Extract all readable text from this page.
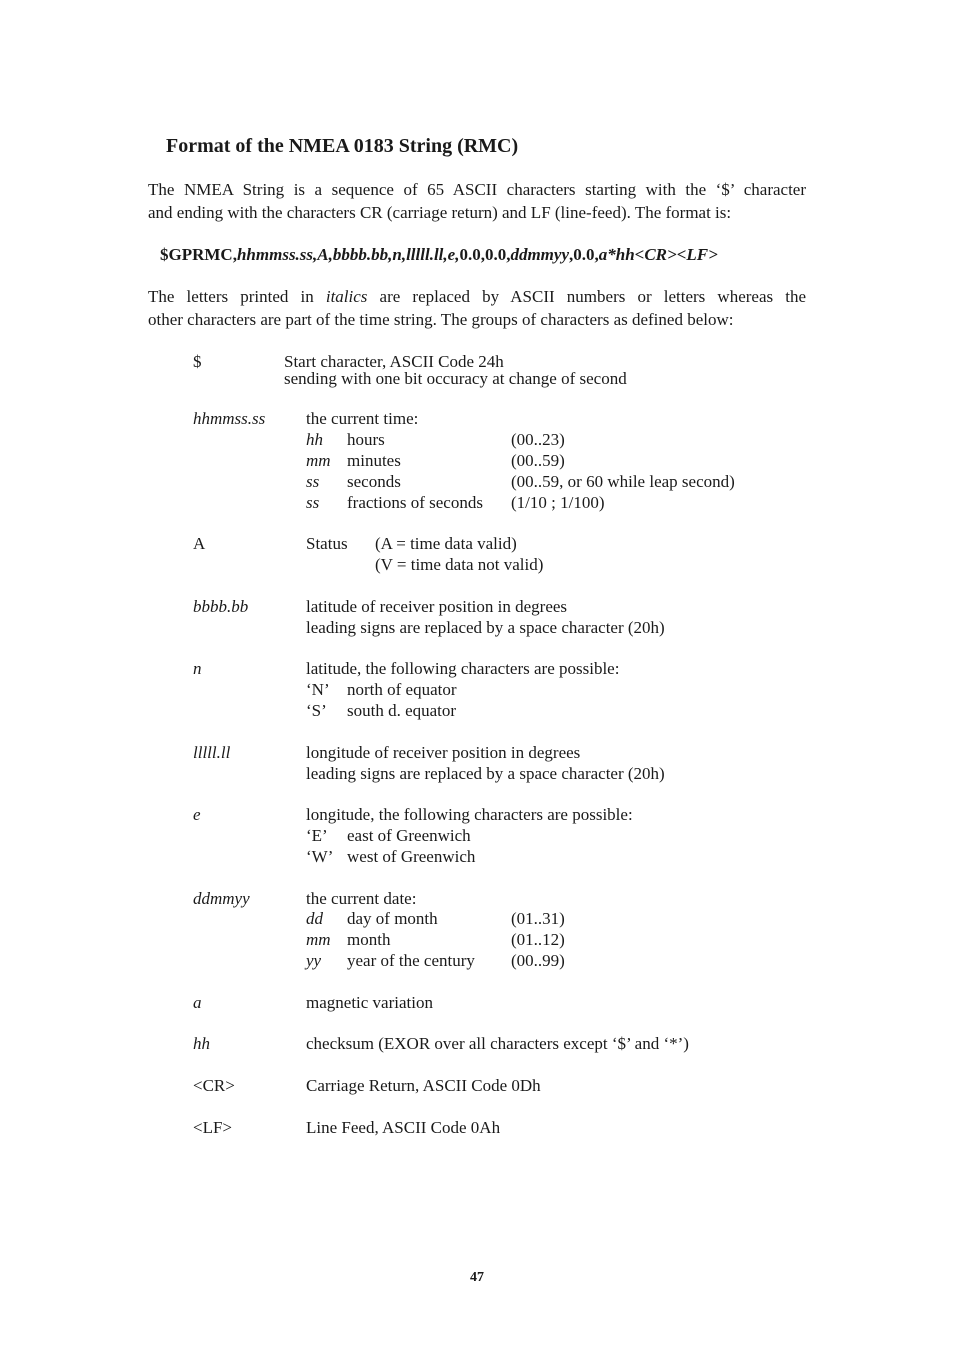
Format of the NMEA 0183 String (RMC)
The NMEA String is a sequence of 65 ASCII characters starting with the ‘$’ character
and ending with the characters CR (carriage return) and LF (line-feed). The format is:
$GPRMC,hhmmss.ss,A,bbbb.bb,n,lllll.ll,e,0.0,0.0,ddmmyy,0.0,a*hh<CR><LF>
The letters printed in italics are replaced by ASCII numbers or letters whereas the
other characters are part of the time string. The groups of characters as defined below:
$	Start character, ASCII Code 24h
sending with one bit occuracy at change of second
hhmmss.ss the current time:
hh hours	(00..23)
mm minutes	(00..59)
ss seconds	(00..59, or 60 while leap second)
ss fractions of seconds (1/10 ; 1/100)
A	Status (A = time data valid)
(V = time data not valid)
bbbb.bb	latitude of receiver position in degrees
leading signs are replaced by a space character (20h)
n	latitude, the following characters are possible:
‘N’ north of equator
‘S’ south d. equator
lllll.ll	longitude of receiver position in degrees
leading signs are replaced by a space character (20h)
e	longitude, the following characters are possible:
‘E’ east of Greenwich
‘W’ west of Greenwich
ddmmyy	the current date:
dd day of month	(01..31)
mm month	(01..12)
yy year of the century (00..99)
a	magnetic variation
hh	checksum (EXOR over all characters except ‘$’ and ‘*’)
<CR>	Carriage Return, ASCII Code 0Dh
<LF>	Line Feed, ASCII Code 0Ah
47
